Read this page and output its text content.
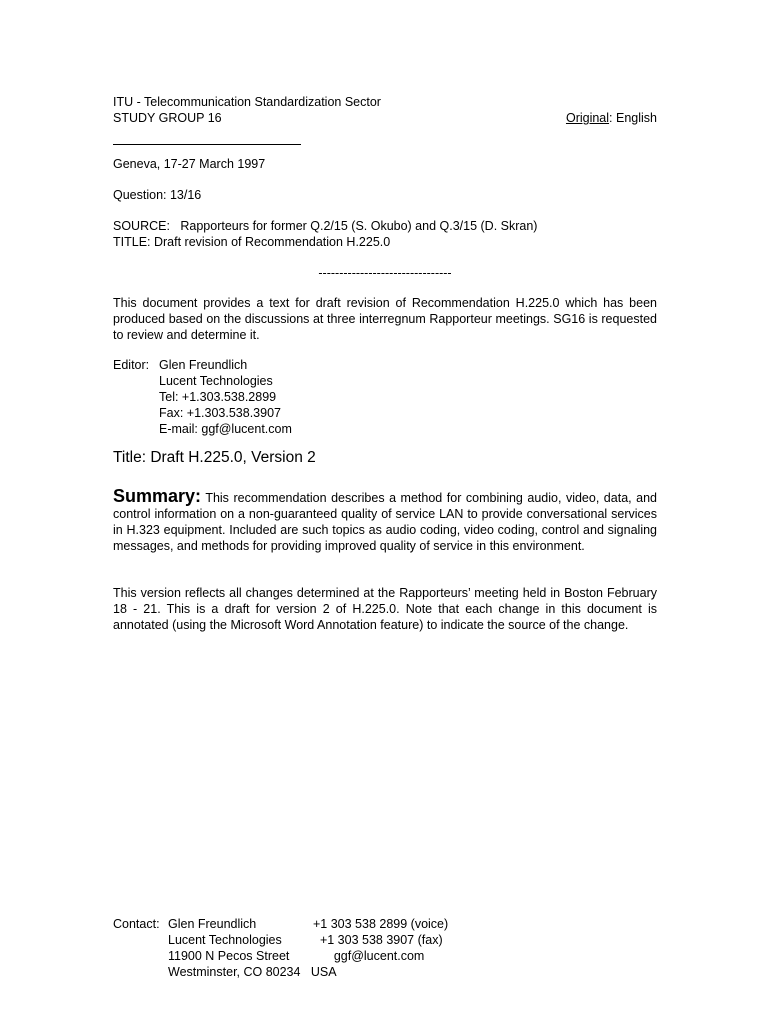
ITU - Telecommunication Standardization Sector
STUDY GROUP 16	Original: English
Geneva, 17-27 March 1997
Question: 13/16
SOURCE:   Rapporteurs for former Q.2/15 (S. Okubo) and Q.3/15 (D. Skran)
TITLE: Draft revision of Recommendation H.225.0
--------------------------------
This document provides a text for draft revision of Recommendation H.225.0 which has been produced based on the discussions at three interregnum Rapporteur meetings. SG16 is requested to review and determine it.
Editor: Glen Freundlich
Lucent Technologies
Tel: +1.303.538.2899
Fax: +1.303.538.3907
E-mail: ggf@lucent.com
Title: Draft H.225.0, Version 2
Summary: This recommendation describes a method for combining audio, video, data, and control information on a non-guaranteed quality of service LAN to provide conversational services in H.323 equipment. Included are such topics as audio coding, video coding, control and signaling messages, and methods for providing improved quality of service in this environment.
This version reflects all changes determined at the Rapporteurs’ meeting held in Boston February 18 - 21. This is a draft for version 2 of H.225.0. Note that each change in this document is annotated (using the Microsoft Word Annotation feature) to indicate the source of the change.
Contact: Glen Freundlich	+1 303 538 2899 (voice)
Lucent Technologies	+1 303 538 3907 (fax)
11900 N Pecos Street	ggf@lucent.com
Westminster, CO 80234   USA
